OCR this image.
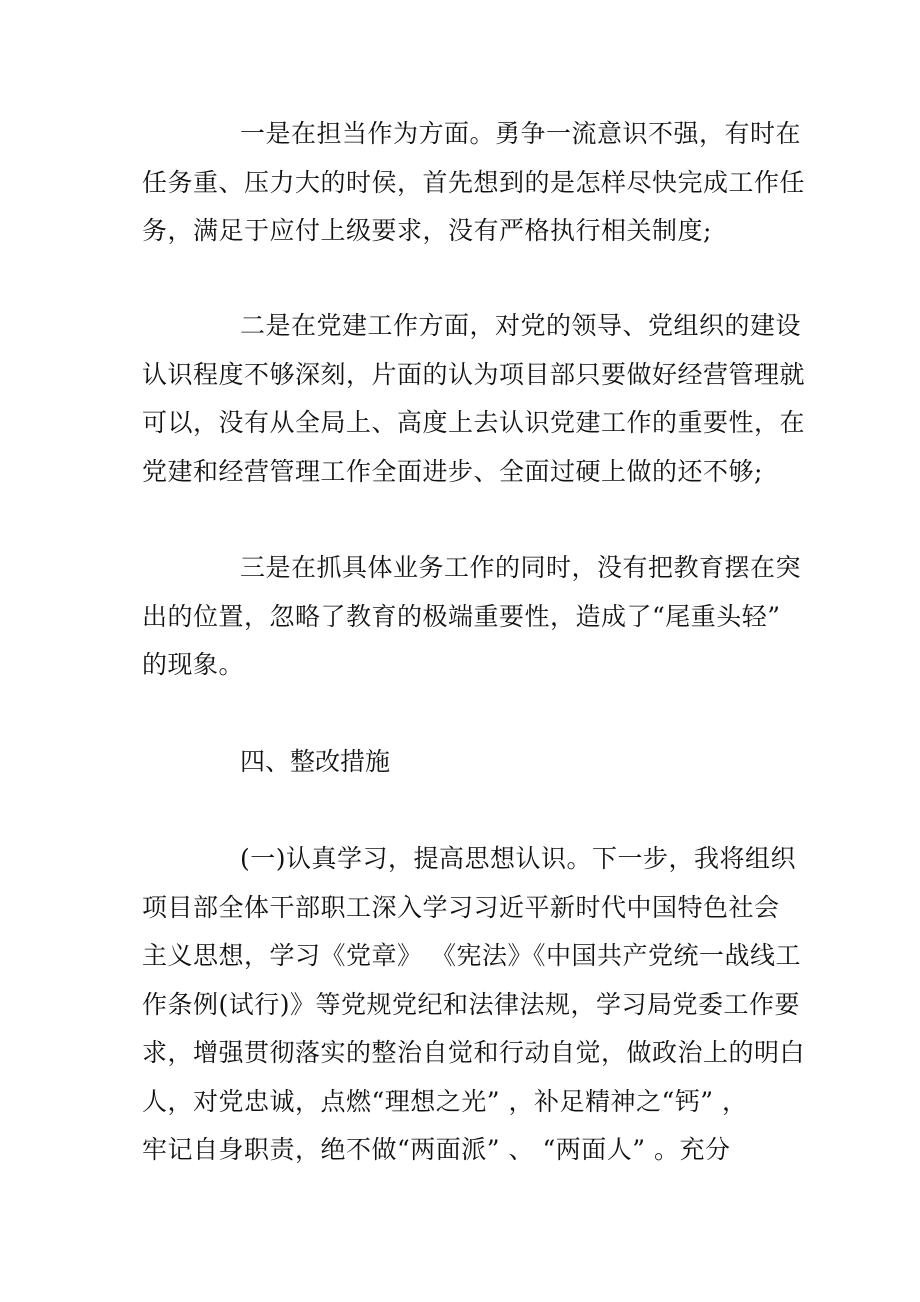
一是在担当作为方面。勇争一流意识不强，有时在
任务重、压力大的时侯，首先想到的是怎样尽快完成工作任
务，满足于应付上级要求，没有严格执行相关制度;

二是在党建工作方面，对党的领导、党组织的建设
认识程度不够深刻，片面的认为项目部只要做好经营管理就
可以，没有从全局上、高度上去认识党建工作的重要性，在
党建和经营管理工作全面进步、全面过硬上做的还不够;

三是在抓具体业务工作的同时，没有把教育摆在突
出的位置，忽略了教育的极端重要性，造成了“尾重头轻”
的现象。

四、整改措施

(一)认真学习，提高思想认识。下一步，我将组织
项目部全体干部职工深入学习习近平新时代中国特色社会
主义思想，学习《党章》 《宪法》《中国共产党统一战线工
作条例(试行)》等党规党纪和法律法规，学习局党委工作要
求，增强贯彻落实的整治自觉和行动自觉，做政治上的明白
人，对党忠诚，点燃“理想之光” ，补足精神之“钙” ，
牢记自身职责，绝不做“两面派” 、 “两面人” 。充分
